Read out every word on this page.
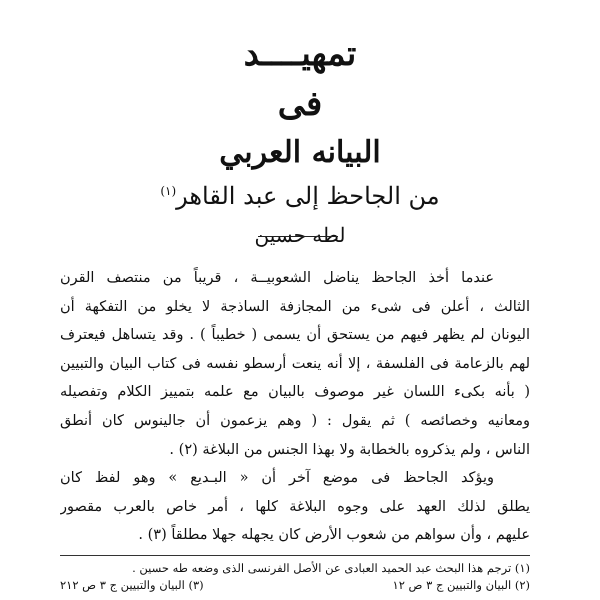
تمهيــــد
فى
البيانه العربي
من الجاحظ إلى عبد القاهر$^{(١)}$
لطه حسين
عندما أخذ الجاحظ يناضل الشعوبيــة ، قريباً من منتصف القرن
الثالث ، أعلن فى شىء من المجازفة الساذجة لا يخلو من التفكهة أن
اليونان لم يظهر فيهم من يستحق أن يسمى ( خطيباً ) . وقد يتساهل فيعترف
لهم بالزعامة فى الفلسفة ، إلا أنه ينعت أرسطو نفسه فى كتاب البيان والتبيين
( بأنه بكىء اللسان غير موصوف بالبيان مع علمه بتمييز الكلام وتفصيله
ومعانيه وخصائصه ) ثم يقول : ( وهم يزعمون أن جالينوس كان أنطق
الناس ، ولم يذكروه بالخطابة ولا بهذا الجنس من البلاغة (٢) .
ويؤكد الجاحظ فى موضع آخر أن « البـديع » وهو لفظ كان
يطلق لذلك العهد على وجوه البلاغة كلها ، أمر خاص بالعرب مقصور
عليهم ، وأن سواهم من شعوب الأرض كان يجهله جهلا مطلقاً (٣) .
(١) ترجم هذا البحث عبد الحميد العبادى عن الأصل الفرنسى الذى وضعه طه حسين .
(٢) البيان والتبيين ج ٣ ص ١٢
(٣) البيان والتبيين ج ٣ ص ٢١٢
